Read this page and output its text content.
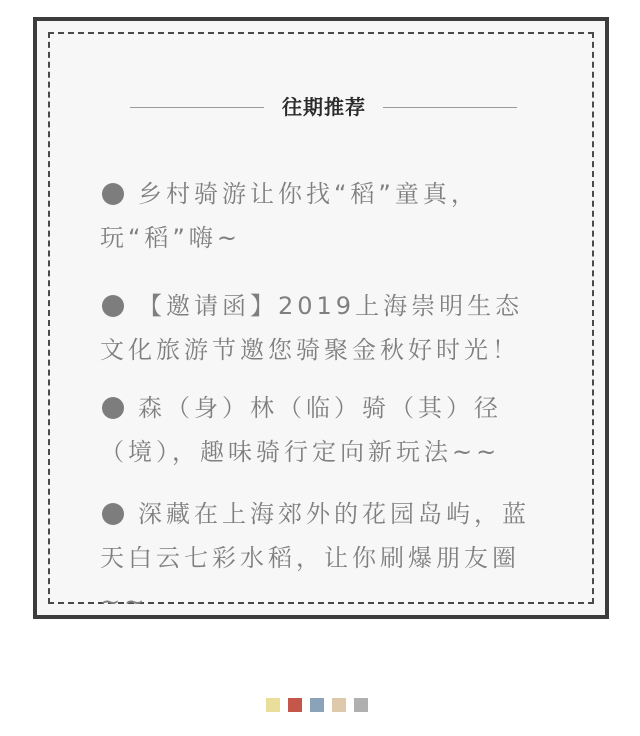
往期推荐
乡村骑游让你找“稻”童真，玩“稻”嗨~
【邀请函】2019上海崇明生态文化旅游节邀您骑聚金秋好时光！
森（身）林（临）骑（其）径（境），趣味骑行定向新玩法~~
深藏在上海郊外的花园岛屿，蓝天白云七彩水稻，让你刷爆朋友圈~~
